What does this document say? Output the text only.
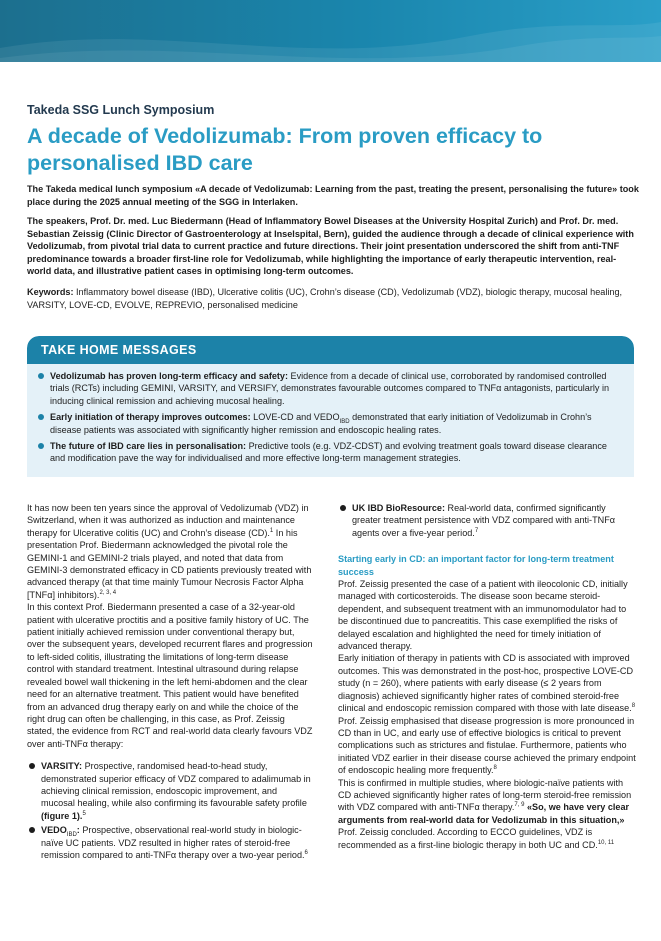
Takeda SSG Lunch Symposium
A decade of Vedolizumab: From proven efficacy to personalised IBD care

The Takeda medical lunch symposium «A decade of Vedolizumab: Learning from the past, treating the present, personalising the future» took place during the 2025 annual meeting of the SGG in Interlaken.

The speakers, Prof. Dr. med. Luc Biedermann (Head of Inflammatory Bowel Diseases at the University Hospital Zurich) and Prof. Dr. med. Sebastian Zeissig (Clinic Director of Gastroenterology at Inselspital, Bern), guided the audience through a decade of clinical experience with Vedolizumab, from pivotal trial data to current practice and future directions. Their joint presentation underscored the shift from anti-TNF predominance towards a broader first-line role for Vedolizumab, while highlighting the importance of early therapeutic intervention, real-world data, and illustrative patient cases in optimising long-term outcomes.

Keywords: Inflammatory bowel disease (IBD), Ulcerative colitis (UC), Crohn’s disease (CD), Vedolizumab (VDZ), biologic therapy, mucosal healing, VARSITY, LOVE-CD, EVOLVE, REPREVIO, personalised medicine

TAKE HOME MESSAGES
Vedolizumab has proven long-term efficacy and safety: Evidence from a decade of clinical use, corroborated by randomised controlled trials (RCTs) including GEMINI, VARSITY, and VERSIFY, demonstrates favourable outcomes compared to TNFα antagonists, particularly in inducing clinical remission and achieving mucosal healing.
Early initiation of therapy improves outcomes: LOVE-CD and $VEDO_{IBD}$ demonstrated that early initiation of Vedolizumab in Crohn’s disease patients was associated with significantly higher remission and endoscopic healing rates.
The future of IBD care lies in personalisation: Predictive tools (e.g. VDZ-CDST) and evolving treatment goals toward disease clearance and modification pave the way for individualised and more effective long-term management strategies.

It has now been ten years since the approval of Vedolizumab (VDZ) in Switzerland, when it was authorized as induction and maintenance therapy for Ulcerative colitis (UC) and Crohn’s disease (CD).$^1$ In his presentation Prof. Biedermann acknowledged the pivotal role the GEMINI-1 and GEMINI-2 trials played, and noted that data from GEMINI-3 demonstrated efficacy in CD patients previously treated with advanced therapy (at that time mainly Tumour Necrosis Factor Alpha [TNFα] inhibitors).$^{2, 3, 4}$

In this context Prof. Biedermann presented a case of a 32-year-old patient with ulcerative proctitis and a positive family history of UC. The patient initially achieved remission under conventional therapy but, over the subsequent years, developed recurrent flares and progression to left-sided colitis, illustrating the limitations of long-term disease control with standard treatment. Intestinal ultrasound during relapse revealed bowel wall thickening in the left hemi-abdomen and the clear need for an alternative treatment. This patient would have benefited from an advanced drug therapy early on and while the choice of the right drug can often be challenging, in this case, as Prof. Zeissig stated, the evidence from RCT and real-world data clearly favours VDZ over anti-TNFα therapy:

VARSITY: Prospective, randomised head-to-head study, demonstrated superior efficacy of VDZ compared to adalimumab in achieving clinical remission, endoscopic improvement, and mucosal healing, while also confirming its favourable safety profile (figure 1).$^5$
$VEDO_{IBD}$: Prospective, observational real-world study in biologic-naïve UC patients. VDZ resulted in higher rates of steroid-free remission compared to anti-TNFα therapy over a two-year period.$^6$
UK IBD BioResource: Real-world data, confirmed significantly greater treatment persistence with VDZ compared with anti-TNFα agents over a five-year period.$^7$

Starting early in CD: an important factor for long-term treatment success

Prof. Zeissig presented the case of a patient with ileocolonic CD, initially managed with corticosteroids. The disease soon became steroid-dependent, and subsequent treatment with an immunomodulator had to be discontinued due to pancreatitis. This case exemplified the risks of delayed escalation and highlighted the need for timely initiation of advanced therapy.

Early initiation of therapy in patients with CD is associated with improved outcomes. This was demonstrated in the post-hoc, prospective LOVE-CD study (n = 260), where patients with early disease (≤ 2 years from diagnosis) achieved significantly higher rates of combined steroid-free clinical and endoscopic remission compared with those with late disease.$^8$ Prof. Zeissig emphasised that disease progression is more pronounced in CD than in UC, and early use of effective biologics is critical to prevent complications such as strictures and fistulae. Furthermore, patients who initiated VDZ earlier in their disease course achieved the primary endpoint of endoscopic healing more frequently.$^8$

This is confirmed in multiple studies, where biologic-naïve patients with CD achieved significantly higher rates of long-term steroid-free remission with VDZ compared with anti-TNFα therapy.$^{7, 9}$ «So, we have very clear arguments from real-world data for Vedolizumab in this situation,» Prof. Zeissig concluded. According to ECCO guidelines, VDZ is recommended as a first-line biologic therapy in both UC and CD.$^{10, 11}$
